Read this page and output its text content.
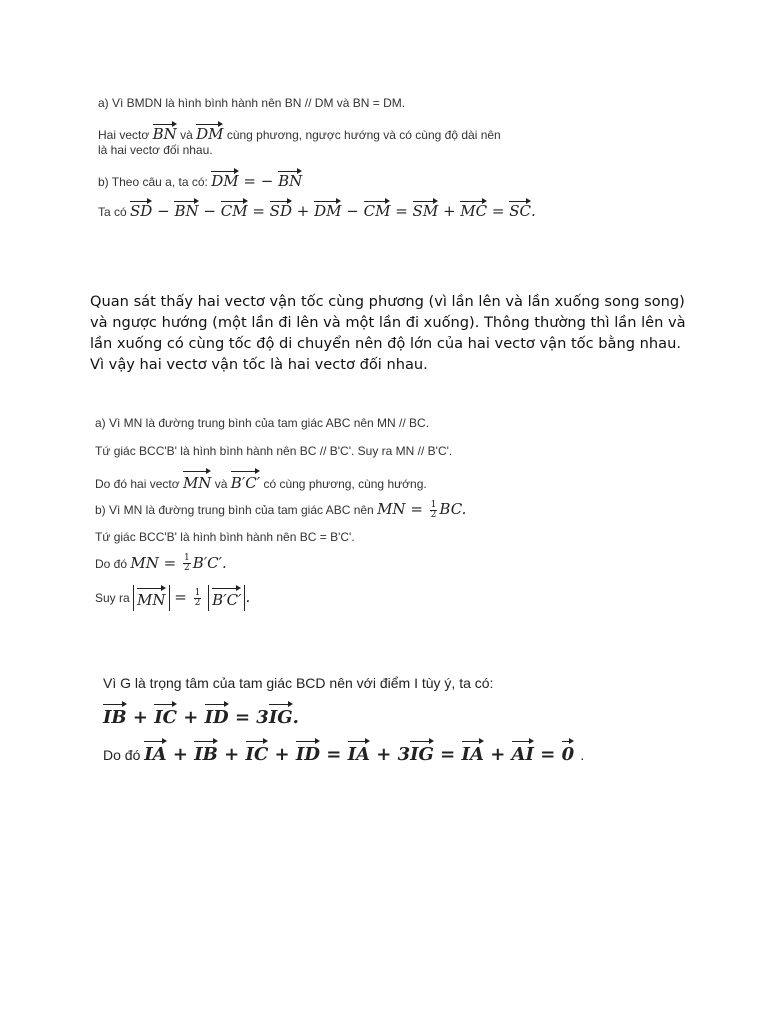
a) Vì BMDN là hình bình hành nên BN // DM và BN = DM.
Hai vectơ BN và DM cùng phương, ngược hướng và có cùng độ dài nên
là hai vectơ đối nhau.
b) Theo câu a, ta có: DM = − BN
Ta có SD − BN − CM = SD + DM − CM = SM + MC = SC.
Quan sát thấy hai vectơ vận tốc cùng phương (vì lần lên và lần xuống song song) và ngược hướng (một lần đi lên và một lần đi xuống). Thông thường thì lần lên và lần xuống có cùng tốc độ di chuyển nên độ lớn của hai vectơ vận tốc bằng nhau. Vì vậy hai vectơ vận tốc là hai vectơ đối nhau.
a) Vì MN là đường trung bình của tam giác ABC nên MN // BC.
Tứ giác BCC'B' là hình bình hành nên BC // B'C'. Suy ra MN // B'C'.
Do đó hai vectơ MN và B′C′ có cùng phương, cùng hướng.
b) Vì MN là đường trung bình của tam giác ABC nên MN = $\frac{1}{2}$ BC.
Tứ giác BCC'B' là hình bình hành nên BC = B'C'.
Do đó MN = $\frac{1}{2} B'C'$.
Suy ra MN = $\frac{1}{2} B'C'$ .
Vì G là trọng tâm của tam giác BCD nên với điểm I tùy ý, ta có:
IB + IC + ID = 3IG.
Do đó IA + IB + IC + ID = IA + 3IG = IA + AI = 0 .
